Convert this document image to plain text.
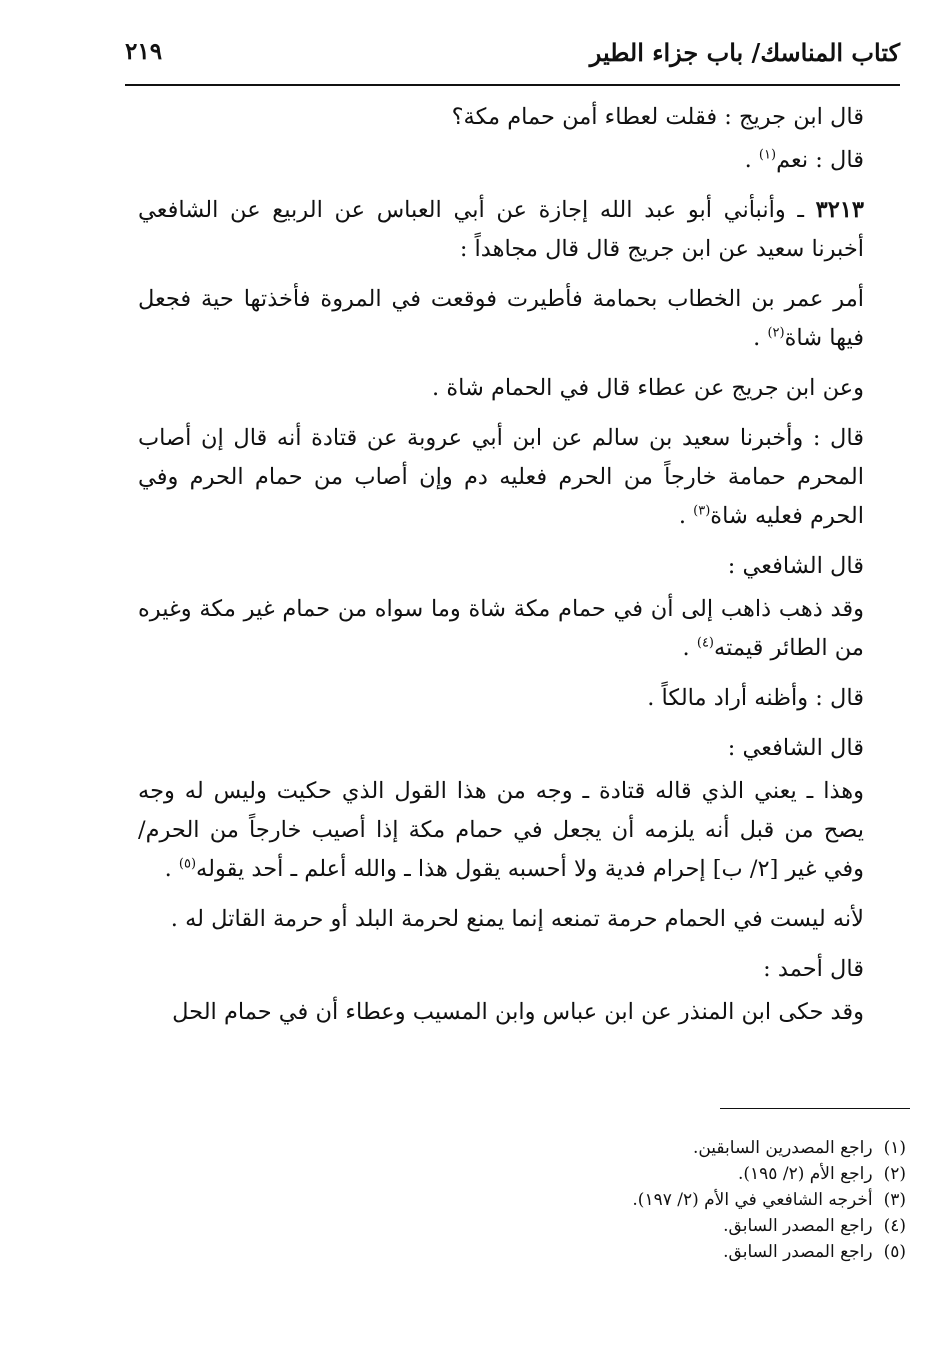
كتاب المناسك/ باب جزاء الطير
٢١٩

قال ابن جريج : فقلت لعطاء أمن حمام مكة؟

قال : نعم$^{(١)}$ .

٣٢١٣ ـ وأنبأني أبو عبد الله إجازة عن أبي العباس عن الربيع عن الشافعي أخبرنا سعيد عن ابن جريج قال قال مجاهداً :

أمر عمر بن الخطاب بحمامة فأطيرت فوقعت في المروة فأخذتها حية فجعل فيها شاة$^{(٢)}$ .

وعن ابن جريج عن عطاء قال في الحمام شاة .

قال : وأخبرنا سعيد بن سالم عن ابن أبي عروبة عن قتادة أنه قال إن أصاب المحرم حمامة خارجاً من الحرم فعليه دم وإن أصاب من حمام الحرم وفي الحرم فعليه شاة$^{(٣)}$ .

قال الشافعي :

وقد ذهب ذاهب إلى أن في حمام مكة شاة وما سواه من حمام غير مكة وغيره من الطائر قيمته$^{(٤)}$ .

قال : وأظنه أراد مالكاً .

قال الشافعي :

وهذا ـ يعني الذي قاله قتادة ـ وجه من هذا القول الذي حكيت وليس له وجه يصح من قبل أنه يلزمه أن يجعل في حمام مكة إذا أصيب خارجاً من الحرم/ وفي غير [٢/ ب] إحرام فدية ولا أحسبه يقول هذا ـ والله أعلم ـ أحد يقوله$^{(٥)}$ .

لأنه ليست في الحمام حرمة تمنعه إنما يمنع لحرمة البلد أو حرمة القاتل له .

قال أحمد :

وقد حكى ابن المنذر عن ابن عباس وابن المسيب وعطاء أن في حمام الحل

(١) راجع المصدرين السابقين.

(٢) راجع الأم (٢/ ١٩٥).

(٣) أخرجه الشافعي في الأم (٢/ ١٩٧).

(٤) راجع المصدر السابق.

(٥) راجع المصدر السابق.
